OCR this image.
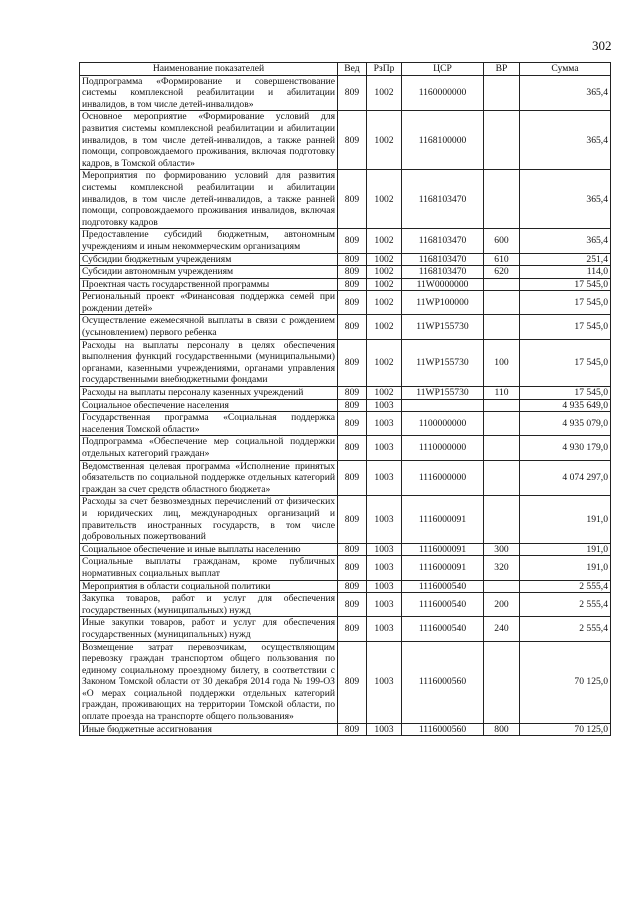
302
Наименование показателей	Вед	РзПр	ЦСР	ВР	Сумма
Подпрограмма «Формирование и совершенствование системы комплексной реабилитации и абилитации инвалидов, в том числе детей-инвалидов»	809	1002	1160000000		365,4
Основное мероприятие «Формирование условий для развития системы комплексной реабилитации и абилитации инвалидов, в том числе детей-инвалидов, а также ранней помощи, сопровождаемого проживания, включая подготовку кадров, в Томской области»	809	1002	1168100000		365,4
Мероприятия по формированию условий для развития системы комплексной реабилитации и абилитации инвалидов, в том числе детей-инвалидов, а также ранней помощи, сопровождаемого проживания инвалидов, включая подготовку кадров	809	1002	1168103470		365,4
Предоставление субсидий бюджетным, автономным учреждениям и иным некоммерческим организациям	809	1002	1168103470	600	365,4
Субсидии бюджетным учреждениям	809	1002	1168103470	610	251,4
Субсидии автономным учреждениям	809	1002	1168103470	620	114,0
Проектная часть государственной программы	809	1002	11W0000000		17 545,0
Региональный проект «Финансовая поддержка семей при рождении детей»	809	1002	11WP100000		17 545,0
Осуществление ежемесячной выплаты в связи с рождением (усыновлением) первого ребенка	809	1002	11WP155730		17 545,0
Расходы на выплаты персоналу в целях обеспечения выполнения функций государственными (муниципальными) органами, казенными учреждениями, органами управления государственными внебюджетными фондами	809	1002	11WP155730	100	17 545,0
Расходы на выплаты персоналу казенных учреждений	809	1002	11WP155730	110	17 545,0
Социальное обеспечение населения	809	1003			4 935 649,0
Государственная программа «Социальная поддержка населения Томской области»	809	1003	1100000000		4 935 079,0
Подпрограмма «Обеспечение мер социальной поддержки отдельных категорий граждан»	809	1003	1110000000		4 930 179,0
Ведомственная целевая программа «Исполнение принятых обязательств по социальной поддержке отдельных категорий граждан за счет средств областного бюджета»	809	1003	1116000000		4 074 297,0
Расходы за счет безвозмездных перечислений от физических и юридических лиц, международных организаций и правительств иностранных государств, в том числе добровольных пожертвований	809	1003	1116000091		191,0
Социальное обеспечение и иные выплаты населению	809	1003	1116000091	300	191,0
Социальные выплаты гражданам, кроме публичных нормативных социальных выплат	809	1003	1116000091	320	191,0
Мероприятия в области социальной политики	809	1003	1116000540		2 555,4
Закупка товаров, работ и услуг для обеспечения государственных (муниципальных) нужд	809	1003	1116000540	200	2 555,4
Иные закупки товаров, работ и услуг для обеспечения государственных (муниципальных) нужд	809	1003	1116000540	240	2 555,4
Возмещение затрат перевозчикам, осуществляющим перевозку граждан транспортом общего пользования по единому социальному проездному билету, в соответствии с Законом Томской области от 30 декабря 2014 года № 199-ОЗ «О мерах социальной поддержки отдельных категорий граждан, проживающих на территории Томской области, по оплате проезда на транспорте общего пользования»	809	1003	1116000560		70 125,0
Иные бюджетные ассигнования	809	1003	1116000560	800	70 125,0
